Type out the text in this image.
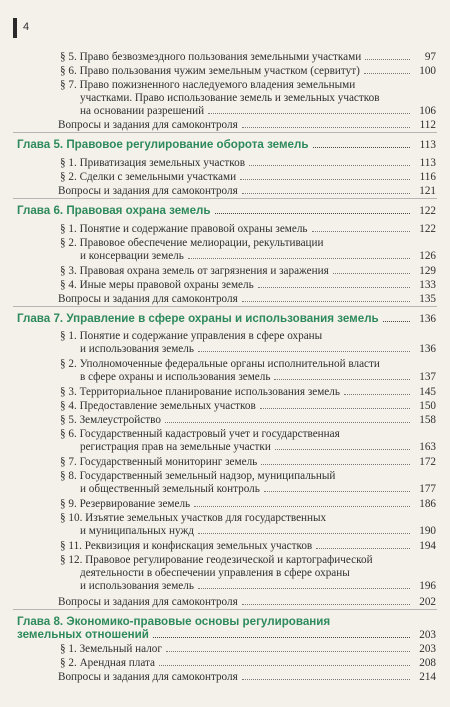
4
§ 5. Право безвозмездного пользования земельными участками	97
§ 6. Право пользования чужим земельным участком (сервитут)	100
§ 7. Право пожизненного наследуемого владения земельными
участками. Право использование земель и земельных участков
на основании разрешений	106
Вопросы и задания для самоконтроля	112
Глава 5. Правовое регулирование оборота земель	113
§ 1. Приватизация земельных участков	113
§ 2. Сделки с земельными участками	116
Вопросы и задания для самоконтроля	121
Глава 6. Правовая охрана земель	122
§ 1. Понятие и содержание правовой охраны земель	122
§ 2. Правовое обеспечение мелиорации, рекультивации
и консервации земель	126
§ 3. Правовая охрана земель от загрязнения и заражения	129
§ 4. Иные меры правовой охраны земель	133
Вопросы и задания для самоконтроля	135
Глава 7. Управление в сфере охраны и использования земель	136
§ 1. Понятие и содержание управления в сфере охраны
и использования земель	136
§ 2. Уполномоченные федеральные органы исполнительной власти
в сфере охраны и использования земель	137
§ 3. Территориальное планирование использования земель	145
§ 4. Предоставление земельных участков	150
§ 5. Землеустройство	158
§ 6. Государственный кадастровый учет и государственная
регистрация прав на земельные участки	163
§ 7. Государственный мониторинг земель	172
§ 8. Государственный земельный надзор, муниципальный
и общественный земельный контроль	177
§ 9. Резервирование земель	186
§ 10. Изъятие земельных участков для государственных
и муниципальных нужд	190
§ 11. Реквизиция и конфискация земельных участков	194
§ 12. Правовое регулирование геодезической и картографической
деятельности в обеспечении управления в сфере охраны
и использования земель	196
Вопросы и задания для самоконтроля	202
Глава 8. Экономико-правовые основы регулирования
земельных отношений	203
§ 1. Земельный налог	203
§ 2. Арендная плата	208
Вопросы и задания для самоконтроля	214
